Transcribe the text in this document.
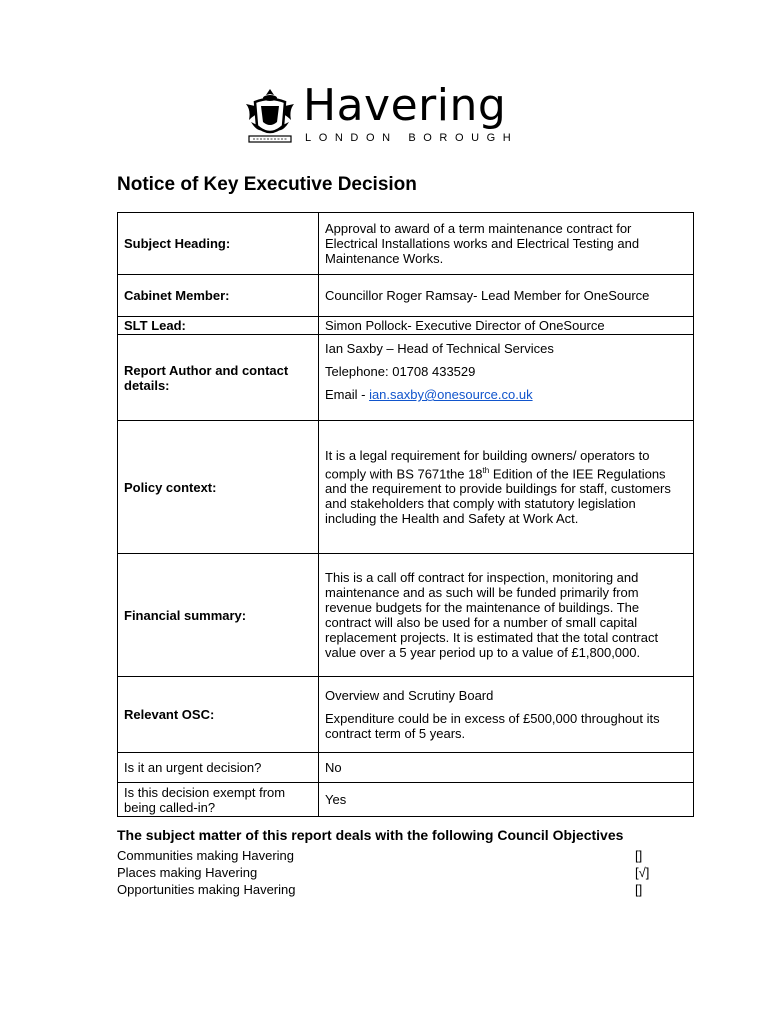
Havering
LONDON BOROUGH
Notice of Key Executive Decision
Subject Heading:	Approval to award of a term maintenance contract for Electrical Installations works and Electrical Testing and Maintenance Works.
Cabinet Member:	Councillor Roger Ramsay- Lead Member for OneSource
SLT Lead:	Simon Pollock- Executive Director of OneSource
Report Author and contact details:	Ian Saxby – Head of Technical Services

Telephone: 01708 433529

Email - ian.saxby@onesource.co.uk

Policy context:	It is a legal requirement for building owners/ operators to comply with BS 7671the 18th Edition of the IEE Regulations and the requirement to provide buildings for staff, customers and stakeholders that comply with statutory legislation including the Health and Safety at Work Act.
Financial summary:	This is a call off contract for inspection, monitoring and maintenance and as such will be funded primarily from revenue budgets for the maintenance of buildings. The contract will also be used for a number of small capital replacement projects. It is estimated that the total contract value over a 5 year period up to a value of £1,800,000.
Relevant OSC:	Overview and Scrutiny Board

Expenditure could be in excess of £500,000 throughout its contract term of 5 years.

Is it an urgent decision?	No
Is this decision exempt from being called-in?	Yes

The subject matter of this report deals with the following Council Objectives

Communities making Havering	[]
Places making Havering	[√]
Opportunities making Havering	[]
